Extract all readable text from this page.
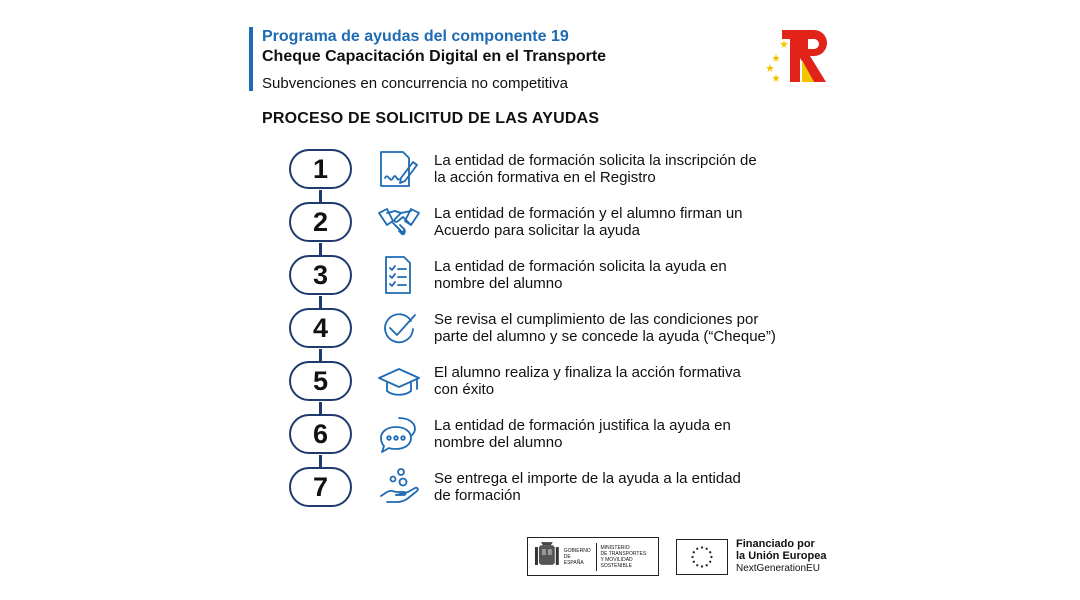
Programa de ayudas del componente 19
Cheque Capacitación Digital en el Transporte
Subvenciones en concurrencia no competitiva
PROCESO DE SOLICITUD DE LAS AYUDAS
1	La entidad de formación solicita la inscripción de
la acción formativa en el Registro
2	La entidad de formación y el alumno firman un
Acuerdo para solicitar la ayuda
3	La entidad de formación solicita la ayuda en
nombre del alumno
4	Se revisa el cumplimiento de las condiciones por
parte del alumno y se concede la ayuda (“Cheque”)
5	El alumno realiza y finaliza la acción formativa
con éxito
6	La entidad de formación justifica la ayuda en
nombre del alumno
7	Se entrega el importe de la ayuda a la entidad
de formación
GOBIERNO
DE ESPAÑA
MINISTERIO
DE TRANSPORTES
Y MOVILIDAD SOSTENIBLE
Financiado por
la Unión Europea
NextGenerationEU
